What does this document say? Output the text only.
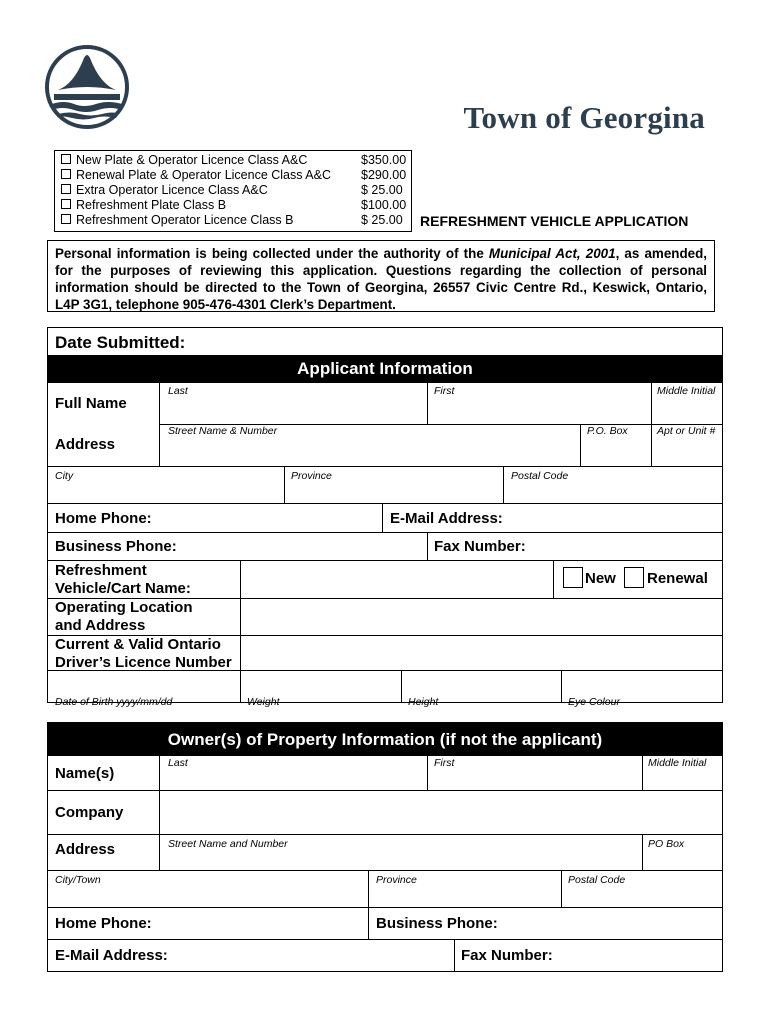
Town of Georgina
New Plate & Operator Licence Class A&C	$350.00
Renewal Plate & Operator Licence Class A&C $290.00
Extra Operator Licence Class A&C	$ 25.00
Refreshment Plate Class B	$100.00
Refreshment Operator Licence Class B	$ 25.00 REFRESHMENT VEHICLE APPLICATION
Personal information is being collected under the authority of the Municipal Act, 2001, as amended, for the purposes of reviewing this application. Questions regarding the collection of personal information should be directed to the Town of Georgina, 26557 Civic Centre Rd., Keswick, Ontario, L4P 3G1, telephone 905-476-4301 Clerk’s Department.
Date Submitted:
Applicant Information
Full Name
Last	First	Middle Initial
Address
Street Name & Number	P.O. Box	Apt or Unit #
City	Province	Postal Code
Home Phone:	E-Mail Address:
Business Phone:	Fax Number:
Refreshment
Vehicle/Cart Name:
New Renewal
Operating Location
and Address
Current & Valid Ontario
Driver’s Licence Number
Date of Birth yyyy/mm/dd	Weight	Height	Eye Colour
Owner(s) of Property Information (if not the applicant)
Name(s)
Last	First	Middle Initial
Company
Address	Street Name and Number	PO Box
City/Town	Province	Postal Code
Home Phone:	Business Phone:
E-Mail Address:	Fax Number:
